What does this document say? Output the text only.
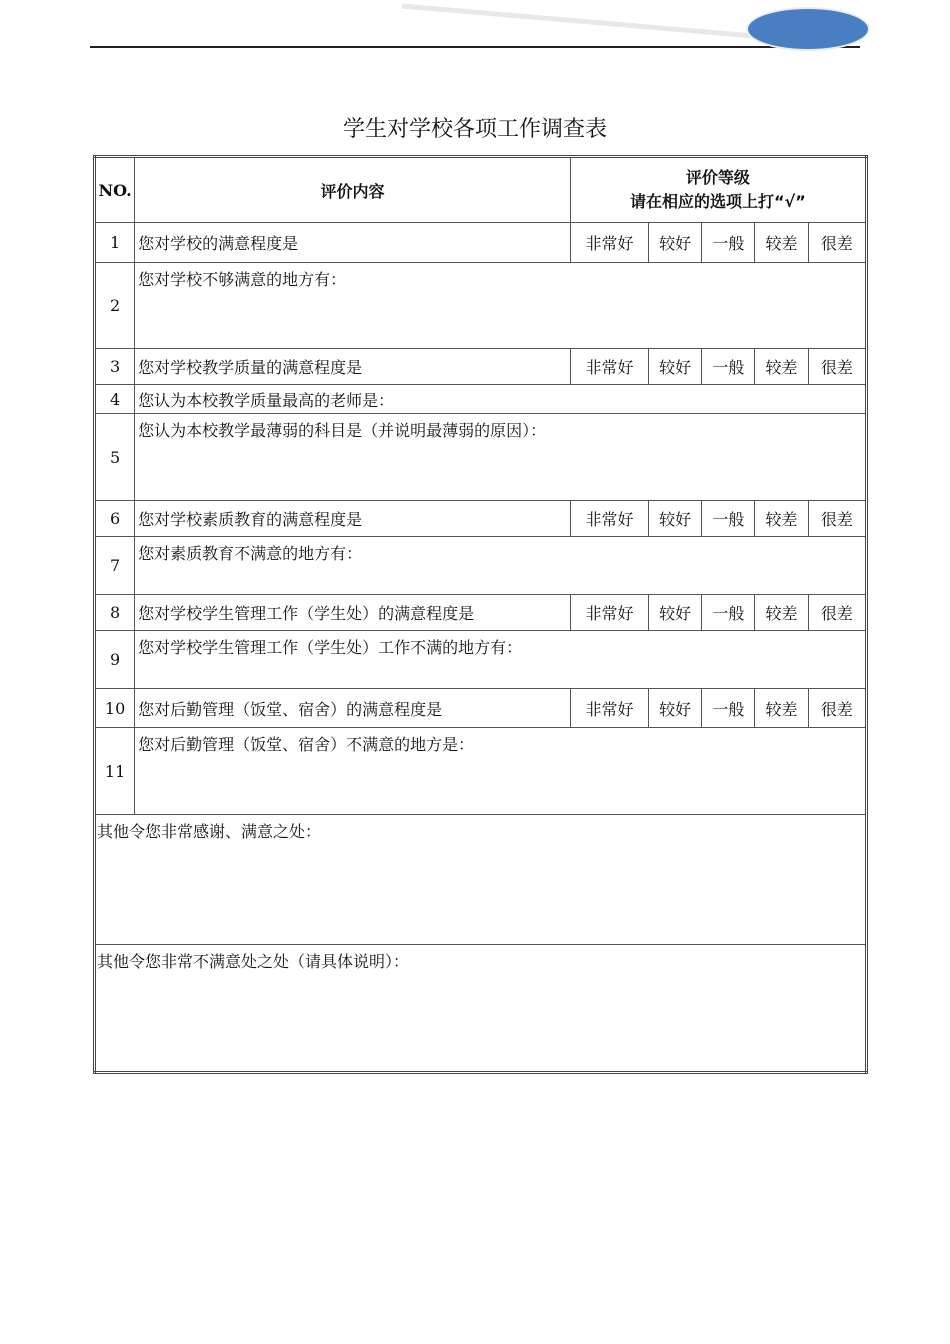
学生对学校各项工作调查表
NO.	评价内容	评价等级
请在相应的选项上打“√”				

1	您对学校的满意程度是	非常好	较好	一般	较差	很差
2	您对学校不够满意的地方有：					
3	您对学校教学质量的满意程度是	非常好	较好	一般	较差	很差
4	您认为本校教学质量最高的老师是：					
5	您认为本校教学最薄弱的科目是（并说明最薄弱的原因）：					
6	您对学校素质教育的满意程度是	非常好	较好	一般	较差	很差
7	您对素质教育不满意的地方有：					
8	您对学校学生管理工作（学生处）的满意程度是	非常好	较好	一般	较差	很差
9	您对学校学生管理工作（学生处）工作不满的地方有：					
10	您对后勤管理（饭堂、宿舍）的满意程度是	非常好	较好	一般	较差	很差
11	您对后勤管理（饭堂、宿舍）不满意的地方是：					
其他令您非常感谢、满意之处：						
其他令您非常不满意处之处（请具体说明）：						
